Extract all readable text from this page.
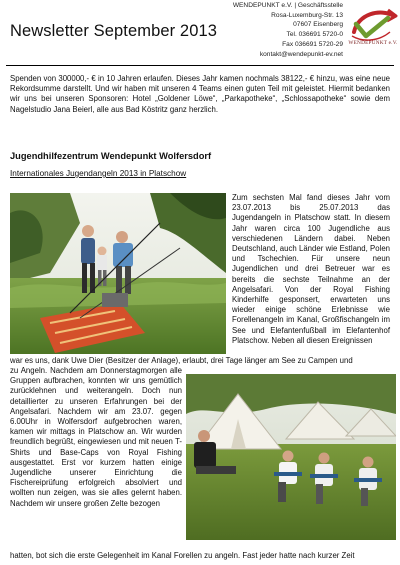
Newsletter September 2013
WENDEPUNKT e.V. | Geschäftsstelle
Rosa-Luxemburg-Str. 13
07607 Eisenberg
Tel. 036691 5720-0
Fax 036691 5720-29
kontakt@wendepunkt-ev.net
WENDEPUNKT e.V.
Spenden von 300000,- € in 10 Jahren erlaufen. Dieses Jahr kamen nochmals 38122,- € hinzu, was eine neue Rekordsumme darstellt. Und wir haben mit unseren 4 Teams einen guten Teil mit geleistet. Hiermit bedanken wir uns bei unseren Sponsoren: Hotel „Goldener Löwe“, „Parkapotheke“, „Schlossapotheke“ sowie dem Nagelstudio Jana Beierl, alle aus Bad Köstritz ganz herzlich.
Jugendhilfezentrum Wendepunkt Wolfersdorf
Internationales Jugendangeln 2013 in Platschow
Zum sechsten Mal fand dieses Jahr vom 23.07.2013 bis 25.07.2013 das Jugendangeln in Platschow statt. In diesem Jahr waren circa 100 Jugendliche aus verschiedenen Ländern dabei. Neben Deutschland, auch Länder wie Estland, Polen und Tschechien. Für unsere neun Jugendlichen und drei Betreuer war es bereits die sechste Teilnahme an der Angelsafari. Von der Royal Fishing Kinderhilfe gesponsert, erwarteten uns wieder einige schöne Erlebnisse wie Forellenangeln im Kanal, Großfischangeln im See und Elefantenfußball im Elefantenhof Platschow. Neben all diesen Ereignissen
war es uns, dank Uwe Dier (Besitzer der Anlage), erlaubt, drei Tage länger am See zu Campen und
zu Angeln. Nachdem am Donnerstagmorgen alle Gruppen aufbrachen, konnten wir uns gemütlich zurücklehnen und weiterangeln. Doch nun detaillierter zu unseren Erfahrungen bei der Angelsafari. Nachdem wir am 23.07. gegen 6.00Uhr in Wolfersdorf aufgebrochen waren, kamen wir mittags in Platschow an. Wir wurden freundlich begrüßt, eingewiesen und mit neuen T-Shirts und Base-Caps von Royal Fishing ausgestattet. Erst vor kurzem hatten einige Jugendliche unserer Einrichtung die Fischereiprüfung erfolgreich absolviert und wollten nun zeigen, was sie alles gelernt haben. Nachdem wir unsere großen Zelte bezogen
hatten, bot sich die erste Gelegenheit im Kanal Forellen zu angeln. Fast jeder hatte nach kurzer Zeit
